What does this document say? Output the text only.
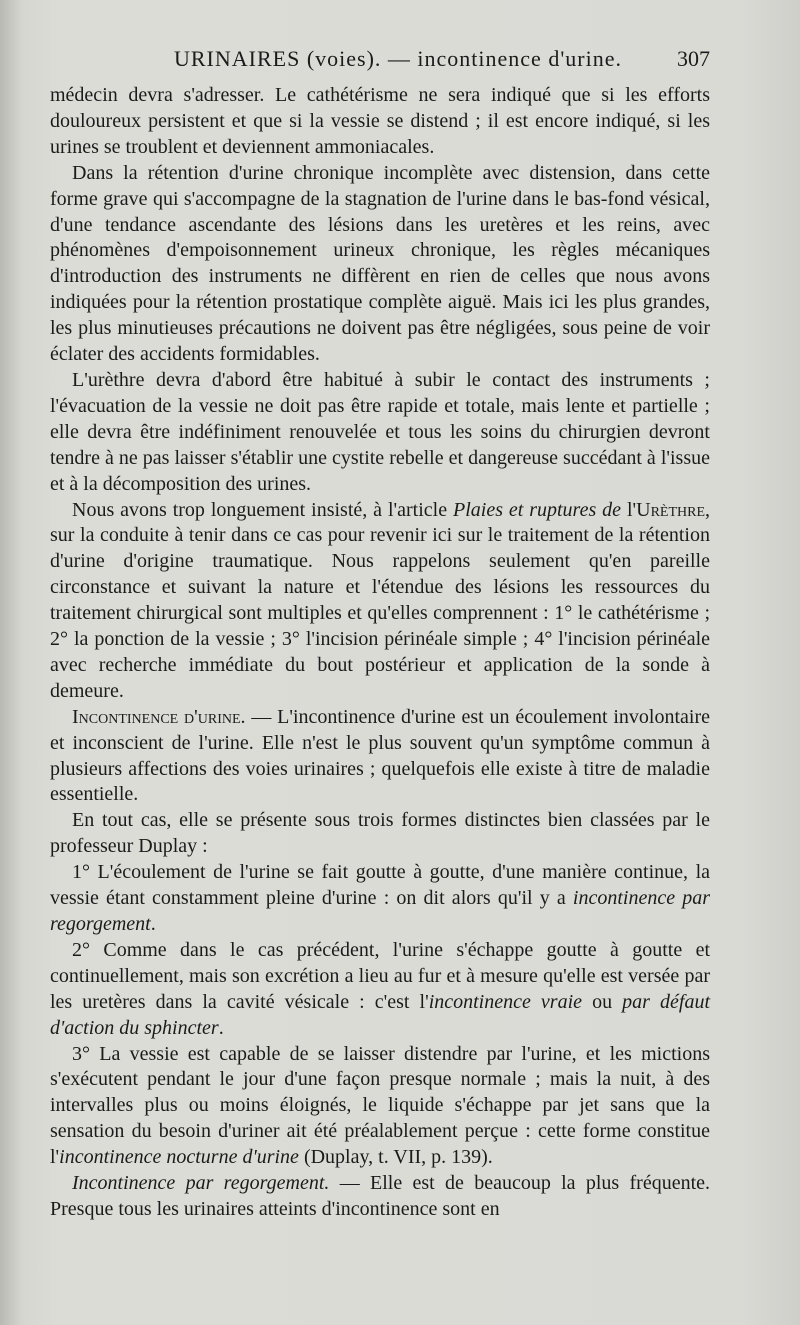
URINAIRES (voies). — incontinence d'urine.	307

médecin devra s'adresser. Le cathétérisme ne sera indiqué que si les efforts douloureux persistent et que si la vessie se distend ; il est encore indiqué, si les urines se troublent et deviennent ammoniacales.

Dans la rétention d'urine chronique incomplète avec distension, dans cette forme grave qui s'accompagne de la stagnation de l'urine dans le bas-fond vésical, d'une tendance ascendante des lésions dans les uretères et les reins, avec phénomènes d'empoisonnement urineux chronique, les règles mécaniques d'introduction des instruments ne diffèrent en rien de celles que nous avons indiquées pour la rétention prostatique complète aiguë. Mais ici les plus grandes, les plus minutieuses précautions ne doivent pas être négligées, sous peine de voir éclater des accidents formidables.

L'urèthre devra d'abord être habitué à subir le contact des instruments ; l'évacuation de la vessie ne doit pas être rapide et totale, mais lente et partielle ; elle devra être indéfiniment renouvelée et tous les soins du chirurgien devront tendre à ne pas laisser s'établir une cystite rebelle et dangereuse succédant à l'issue et à la décomposition des urines.

Nous avons trop longuement insisté, à l'article Plaies et ruptures de l'Urèthre, sur la conduite à tenir dans ce cas pour revenir ici sur le traitement de la rétention d'urine d'origine traumatique. Nous rappelons seulement qu'en pareille circonstance et suivant la nature et l'étendue des lésions les ressources du traitement chirurgical sont multiples et qu'elles comprennent : 1° le cathétérisme ; 2° la ponction de la vessie ; 3° l'incision périnéale simple ; 4° l'incision périnéale avec recherche immédiate du bout postérieur et application de la sonde à demeure.

Incontinence d'urine. — L'incontinence d'urine est un écoulement involontaire et inconscient de l'urine. Elle n'est le plus souvent qu'un symptôme commun à plusieurs affections des voies urinaires ; quelquefois elle existe à titre de maladie essentielle.

En tout cas, elle se présente sous trois formes distinctes bien classées par le professeur Duplay :

1° L'écoulement de l'urine se fait goutte à goutte, d'une manière continue, la vessie étant constamment pleine d'urine : on dit alors qu'il y a incontinence par regorgement.

2° Comme dans le cas précédent, l'urine s'échappe goutte à goutte et continuellement, mais son excrétion a lieu au fur et à mesure qu'elle est versée par les uretères dans la cavité vésicale : c'est l'incontinence vraie ou par défaut d'action du sphincter.

3° La vessie est capable de se laisser distendre par l'urine, et les mictions s'exécutent pendant le jour d'une façon presque normale ; mais la nuit, à des intervalles plus ou moins éloignés, le liquide s'échappe par jet sans que la sensation du besoin d'uriner ait été préalablement perçue : cette forme constitue l'incontinence nocturne d'urine (Duplay, t. VII, p. 139).

Incontinence par regorgement. — Elle est de beaucoup la plus fréquente. Presque tous les urinaires atteints d'incontinence sont en
